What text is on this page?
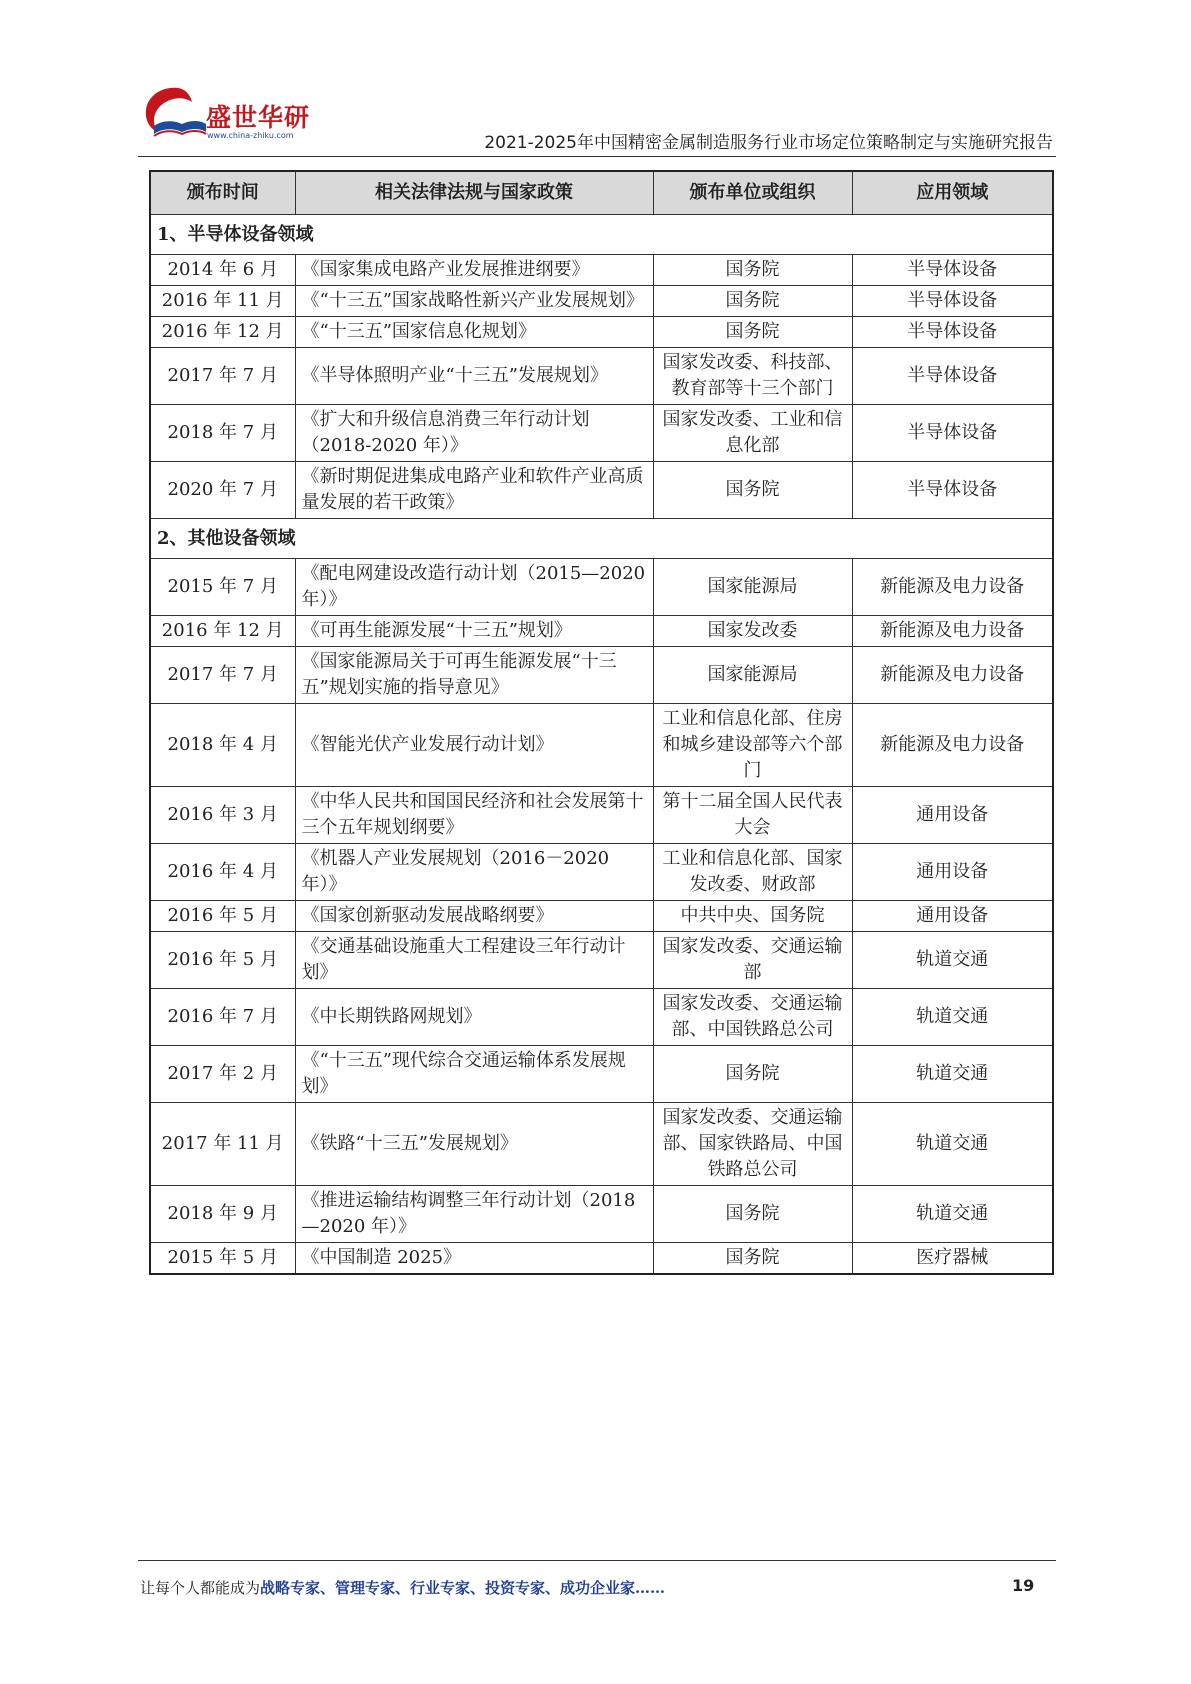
盛世华研
www.china-zhiku.com	2021-2025年中国精密金属制造服务行业市场定位策略制定与实施研究报告
颁布时间	相关法律法规与国家政策	颁布单位或组织	应用领域
1、半导体设备领域			
2014 年 6 月	《国家集成电路产业发展推进纲要》	国务院	半导体设备
2016 年 11 月	《“十三五”国家战略性新兴产业发展规划》	国务院	半导体设备
2016 年 12 月	《“十三五”国家信息化规划》	国务院	半导体设备
2017 年 7 月	《半导体照明产业“十三五”发展规划》	国家发改委、科技部、教育部等十三个部门	半导体设备
2018 年 7 月	《扩大和升级信息消费三年行动计划（2018-2020 年）》	国家发改委、工业和信息化部	半导体设备
2020 年 7 月	《新时期促进集成电路产业和软件产业高质量发展的若干政策》	国务院	半导体设备
2、其他设备领域			
2015 年 7 月	《配电网建设改造行动计划（2015—2020 年）》	国家能源局	新能源及电力设备
2016 年 12 月	《可再生能源发展“十三五”规划》	国家发改委	新能源及电力设备
2017 年 7 月	《国家能源局关于可再生能源发展“十三五”规划实施的指导意见》	国家能源局	新能源及电力设备
2018 年 4 月	《智能光伏产业发展行动计划》	工业和信息化部、住房和城乡建设部等六个部门	新能源及电力设备
2016 年 3 月	《中华人民共和国国民经济和社会发展第十三个五年规划纲要》	第十二届全国人民代表大会	通用设备
2016 年 4 月	《机器人产业发展规划（2016－2020 年）》	工业和信息化部、国家发改委、财政部	通用设备
2016 年 5 月	《国家创新驱动发展战略纲要》	中共中央、国务院	通用设备
2016 年 5 月	《交通基础设施重大工程建设三年行动计划》	国家发改委、交通运输部	轨道交通
2016 年 7 月	《中长期铁路网规划》	国家发改委、交通运输部、中国铁路总公司	轨道交通
2017 年 2 月	《“十三五”现代综合交通运输体系发展规划》	国务院	轨道交通
2017 年 11 月	《铁路“十三五”发展规划》	国家发改委、交通运输部、国家铁路局、中国铁路总公司	轨道交通
2018 年 9 月	《推进运输结构调整三年行动计划（2018—2020 年）》	国务院	轨道交通
2015 年 5 月	《中国制造 2025》	国务院	医疗器械
让每个人都能成为战略专家、管理专家、行业专家、投资专家、成功企业家……	19
